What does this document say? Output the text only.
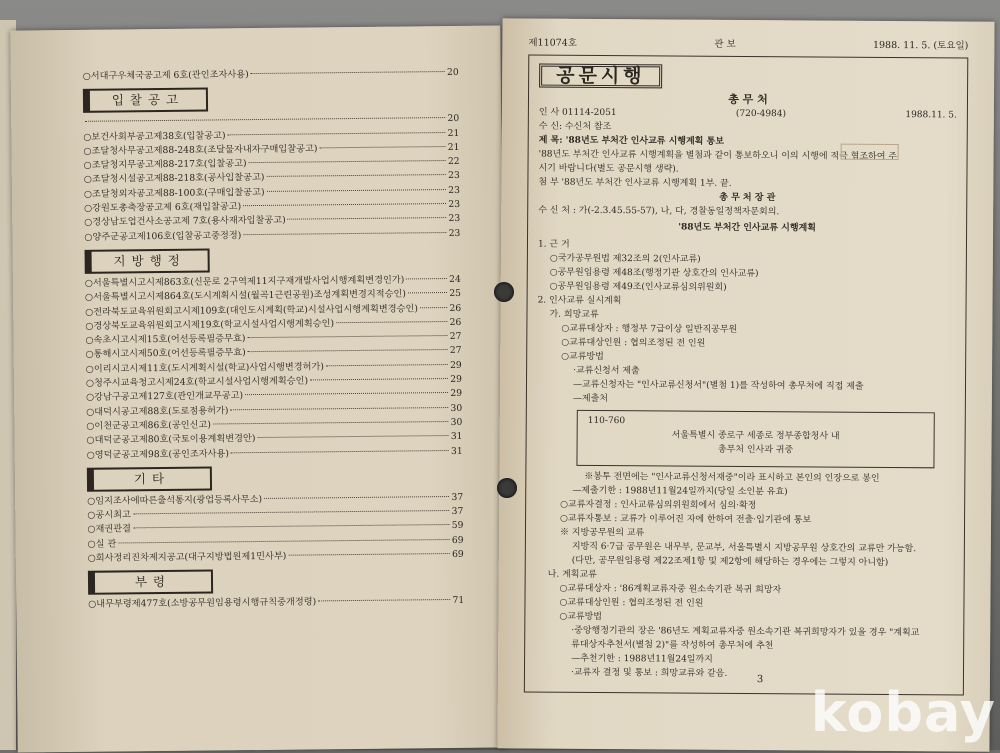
○서대구우체국공고제 6호(관인조자사용)	20
입찰공고
20
○보건사회부공고제38호(입찰공고)	21
○조달청사무공고제88-248호(조달물자내자구매입찰공고)	21
○조달청지무공고제88-217호(입찰공고)	22
○조달청시설공고제88-218호(공사입찰공고)	23
○조달청외자공고제88-100호(구매입찰공고)	23
○강원도총축장공고제 6호(재입찰공고)	23
○경상남도업건사소공고제 7호(용사재자입찰공고)	23
○양주군공고제106호(입찰공고중정정)	23
지방행정
○서울특별시고시제863호(신문로 2구역제11지구재개발사업시행계획변경인가)	24
○서울특별시고시제864호(도시계획시설(월곡1근린공원)조성계획변경지적승인)	25
○전라북도교육위원회고시제109호(대인도시계획(학교)시설사업시행계획변경승인)	26
○경상북도교육위원회고시제19호(학교시설사업시행계획승인)	26
○속초시고시제15호(어선등록필증무효)	27
○통해시고시제50호(어선등록필증무효)	27
○이리시고시제11호(도시계획시설(학교)사업시행변경허가)	29
○청주시교육청고시제24호(학교시설사업시행계획승인)	29
○강남구공고제127호(관인개교무공고)	29
○대덕시공고제88호(도로점용허가)	30
○이천군공고제86호(공인신고)	30
○대덕군공고제80호(국토이용계획변경안)	31
○영덕군공고제98호(공인조자사용)	31
기타
○임지조사에따른출석통지(광업등록사무소)	37
○공시최고	37
○재권관결	59
○실 관	69
○회사정리진차제지공고(대구지방법원제1민사부)	69
부령
○내무부령제477호(소방공무원임용령시행규칙중개정령)	71
제11074호	관 보	1988. 11. 5. (토요일)
공문시행
총 무 처
인 사 01114-2051	(720-4984)	1988.11. 5.
수 신: 수신처 참조
제 목: '88년도 부처간 인사교류 시행계획 통보
'88년도 부처간 인사교류 시행계획을 별첨과 같이 통보하오니 이의 시행에 적극 협조하여 주
시기 바랍니다(별도 공문시행 생략).
첨 부 '88년도 부처간 인사교류 시행계획 1부. 끝.
총 무 처 장 관
수 신 처 : 가(-2.3.45.55-57), 나, 다, 경찰동일정책자문회의.
'88년도 부처간 인사교류 시행계획
1. 근 거
○국가공무원법 제32조의 2(인사교류)
○공무원임용령 제48조(행정기관 상호간의 인사교류)
○공무원임용령 제49조(인사교류심의위원회)
2. 인사교류 실시계획
가. 희망교류
○교류대상자 : 행정부 7급이상 일반직공무원
○교류대상인원 : 협의조정된 전 인원
○교류방법
·교류신청서 제출
—교류신청자는 "인사교류신청서"(별첨 1)를 작성하여 총무처에 직접 제출
—제출처
110-760
서울특별시 종로구 세종로 정부종합청사 내
총무처 인사과 귀중
※봉투 전면에는 "인사교류신청서재중"이라 표시하고 본인의 인장으로 봉인
—제출기한 : 1988년11월24일까지(당일 소인분 유효)
○교류자결정 : 인사교류심의위원회에서 심의·확정
○교류자통보 : 교류가 이루어진 자에 한하여 전출·입기관에 통보
※ 지방공무원의 교류
지방직 6·7급 공무원은 내무부, 문교부, 서울특별시 지방공무원 상호간의 교류만 가능함.
(다만, 공무원임용령 제22조제1항 및 제2항에 해당하는 경우에는 그렇지 아니함)
나. 계획교류
○교류대상자 : '86계획교류자중 원소속기관 복귀 희망자
○교류대상인원 : 협의조정된 전 인원
○교류방법
·중앙행정기관의 장은 '86년도 계획교류자중 원소속기관 복귀희망자가 있을 경우 "계획교
류대상자추천서(별첨 2)"를 작성하여 총무처에 추천
—추천기한 : 1988년11월24일까지
·교류자 결정 및 통보 : 희망교류와 같음.
3
kobay
